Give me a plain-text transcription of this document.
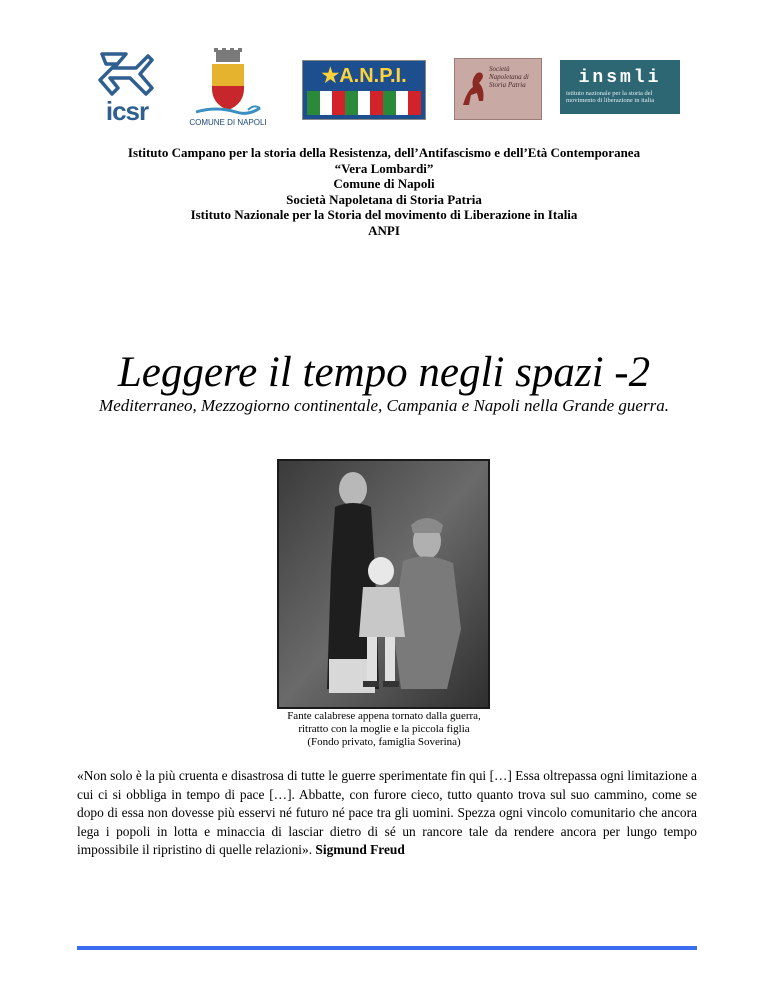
icsr	COMUNE DI NAPOLI
★A.N.P.I.	Società Napoletana di Storia Patria	insmli
istituto nazionale per la storia del movimento di liberazione in italia
Istituto Campano per la storia della Resistenza, dell’Antifascismo e dell’Età Contemporanea
“Vera Lombardi”
Comune di Napoli
Società Napoletana di Storia Patria
Istituto Nazionale per la Storia del movimento di Liberazione in Italia
ANPI
Leggere il tempo negli spazi -2
Mediterraneo, Mezzogiorno continentale, Campania e Napoli nella Grande guerra.
Fante calabrese appena tornato dalla guerra,
ritratto con la moglie e la piccola figlia
(Fondo privato, famiglia Soverina)
«Non solo è la più cruenta e disastrosa di tutte le guerre sperimentate fin qui […] Essa oltrepassa ogni limitazione a cui ci si obbliga in tempo di pace […]. Abbatte, con furore cieco, tutto quanto trova sul suo cammino, come se dopo di essa non dovesse più esservi né futuro né pace tra gli uomini. Spezza ogni vincolo comunitario che ancora lega i popoli in lotta e minaccia di lasciar dietro di sé un rancore tale da rendere ancora per lungo tempo impossibile il ripristino di quelle relazioni». Sigmund Freud
